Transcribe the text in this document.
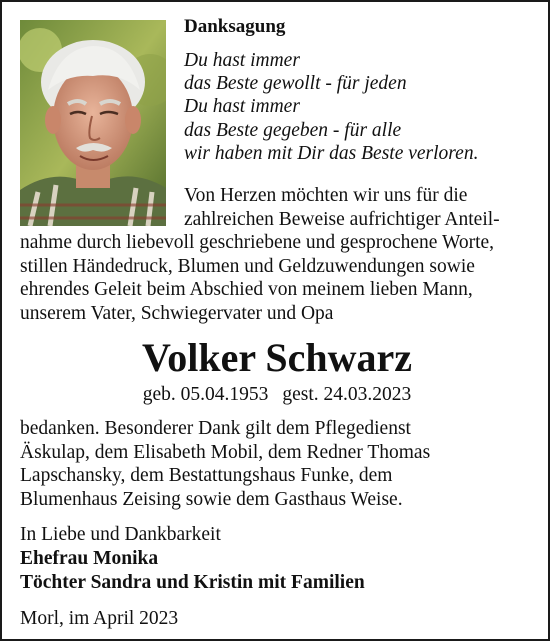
Danksagung
Du hast immer
das Beste gewollt - für jeden
Du hast immer
das Beste gegeben - für alle
wir haben mit Dir das Beste verloren.
Von Herzen möchten wir uns für die
zahlreichen Beweise aufrichtiger Anteil-
nahme durch liebevoll geschriebene und gesprochene Worte,
stillen Händedruck, Blumen und Geldzuwendungen sowie
ehrendes Geleit beim Abschied von meinem lieben Mann,
unserem Vater, Schwiegervater und Opa
Volker Schwarz
geb. 05.04.1953 gest. 24.03.2023
bedanken. Besonderer Dank gilt dem Pflegedienst
Äskulap, dem Elisabeth Mobil, dem Redner Thomas
Lapschansky, dem Bestattungshaus Funke, dem
Blumenhaus Zeising sowie dem Gasthaus Weise.
In Liebe und Dankbarkeit
Ehefrau Monika
Töchter Sandra und Kristin mit Familien
Morl, im April 2023
